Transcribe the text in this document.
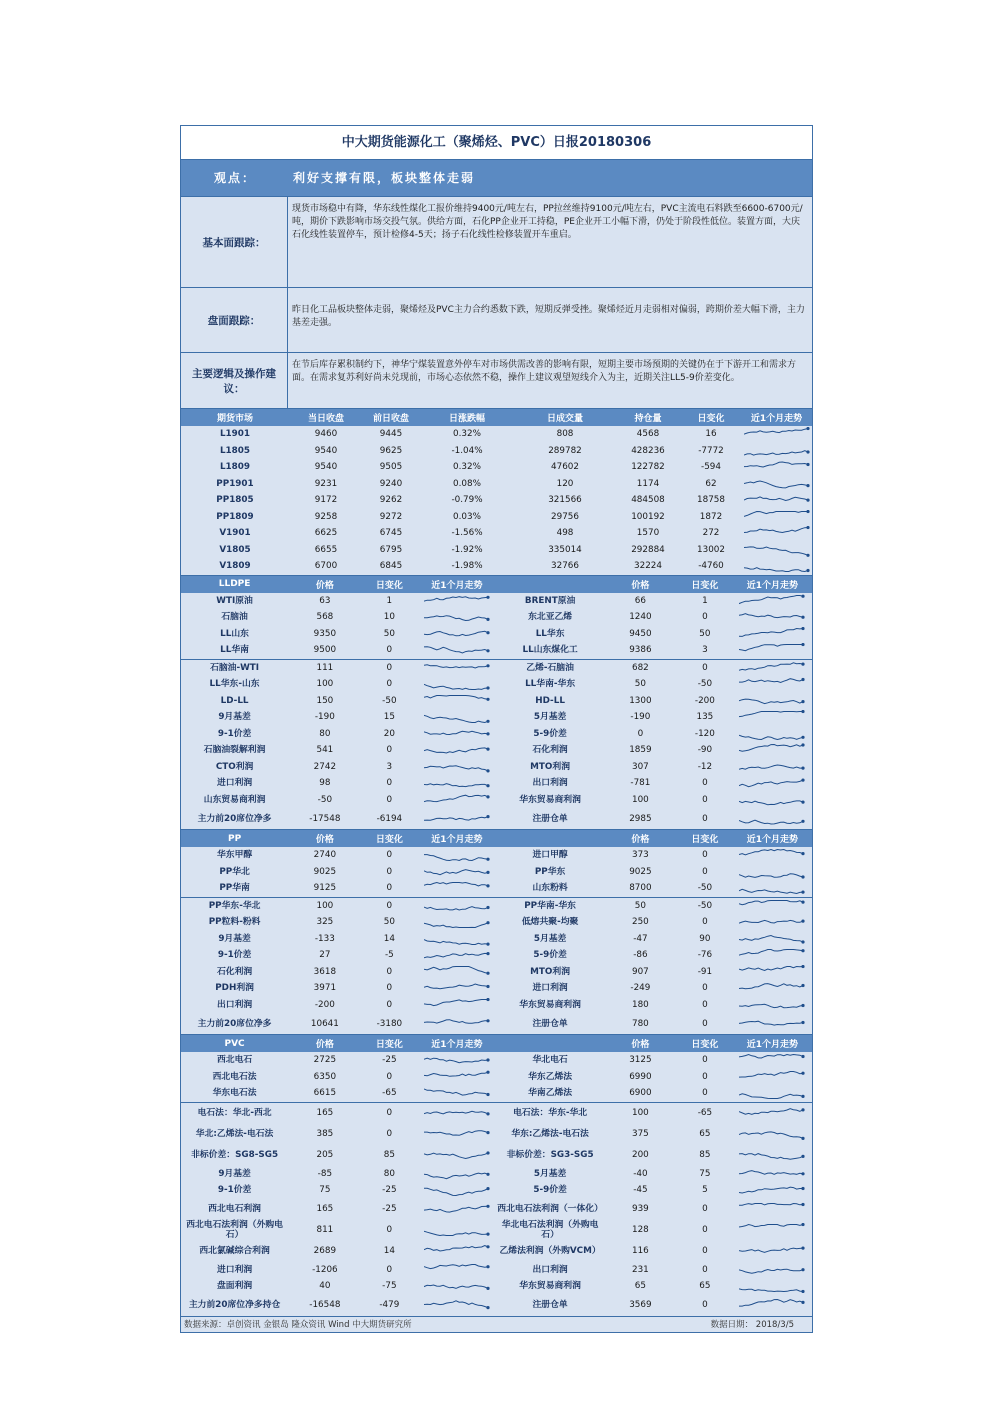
中大期货能源化工（聚烯烃、PVC）日报20180306
观点：	利好支撑有限，板块整体走弱
基本面跟踪：
现货市场稳中有降，华东线性煤化工报价维持9400元/吨左右，PP拉丝维持9100元/吨左右，PVC主流电石料跌至6600-6700元/吨，期价下跌影响市场交投气氛。供给方面，石化PP企业开工持稳，PE企业开工小幅下滑，仍处于阶段性低位。装置方面，大庆石化线性装置停车，预计检修4-5天；扬子石化线性检修装置开车重启。
盘面跟踪：
昨日化工品板块整体走弱，聚烯烃及PVC主力合约悉数下跌，短期反弹受挫。聚烯烃近月走弱相对偏弱，跨期价差大幅下滑，主力基差走强。
主要逻辑及操作建议：
在节后库存累积制约下，神华宁煤装置意外停车对市场供需改善的影响有限，短期主要市场预期的关键仍在于下游开工和需求方面。在需求复苏利好尚未兑现前，市场心态依然不稳，操作上建议观望短线介入为主，近期关注LL5-9价差变化。
期货市场	当日收盘	前日收盘	日涨跌幅	日成交量	持仓量	日变化	近1个月走势
L1901	9460	9445	0.32%	808	4568	16
L1805	9540	9625	-1.04%	289782	428236	-7772
L1809	9540	9505	0.32%	47602	122782	-594
PP1901	9231	9240	0.08%	120	1174	62
PP1805	9172	9262	-0.79%	321566	484508	18758
PP1809	9258	9272	0.03%	29756	100192	1872
V1901	6625	6745	-1.56%	498	1570	272
V1805	6655	6795	-1.92%	335014	292884	13002
V1809	6700	6845	-1.98%	32766	32224	-4760
LLDPE	价格	日变化	近1个月走势	价格	日变化	近1个月走势
WTI原油	63	1	BRENT原油	66	1
石脑油	568	10	东北亚乙烯	1240	0
LL山东	9350	50	LL华东	9450	50
LL华南	9500	0	LL山东煤化工	9386	3
石脑油-WTI	111	0	乙烯-石脑油	682	0
LL华东-山东	100	0	LL华南-华东	50	-50
LD-LL	150	-50	HD-LL	1300	-200
9月基差	-190	15	5月基差	-190	135
9-1价差	80	20	5-9价差	0	-120
石脑油裂解利润	541	0	石化利润	1859	-90
CTO利润	2742	3	MTO利润	307	-12
进口利润	98	0	出口利润	-781	0
山东贸易商利润	-50	0	华东贸易商利润	100	0
主力前20席位净多	-17548	-6194	注册仓单	2985	0
PP	价格	日变化	近1个月走势	价格	日变化	近1个月走势
华东甲醇	2740	0	进口甲醇	373	0
PP华北	9025	0	PP华东	9025	0
PP华南	9125	0	山东粉料	8700	-50
PP华东-华北	100	0	PP华南-华东	50	-50
PP粒料-粉料	325	50	低熔共聚-均聚	250	0
9月基差	-133	14	5月基差	-47	90
9-1价差	27	-5	5-9价差	-86	-76
石化利润	3618	0	MTO利润	907	-91
PDH利润	3971	0	进口利润	-249	0
出口利润	-200	0	华东贸易商利润	180	0
主力前20席位净多	10641	-3180	注册仓单	780	0
PVC	价格	日变化	近1个月走势	价格	日变化	近1个月走势
西北电石	2725	-25	华北电石	3125	0
西北电石法	6350	0	华东乙烯法	6990	0
华东电石法	6615	-65	华南乙烯法	6900	0
电石法：华北-西北	165	0	电石法：华东-华北	100	-65
华北:乙烯法-电石法	385	0	华东:乙烯法-电石法	375	65
非标价差：SG8-SG5	205	85	非标价差：SG3-SG5	200	85
9月基差	-85	80	5月基差	-40	75
9-1价差	75	-25	5-9价差	-45	5
西北电石利润	165	-25	西北电石法利润（一体化）	939	0
西北电石法利润（外购电石）	811	0	华北电石法利润（外购电石）	128	0
西北氯碱综合利润	2689	14	乙烯法利润（外购VCM）	116	0
进口利润	-1206	0	出口利润	231	0
盘面利润	40	-75	华东贸易商利润	65	65
主力前20席位净多持仓	-16548	-479	注册仓单	3569	0
数据来源：卓创资讯 金银岛 隆众资讯 Wind 中大期货研究所	数据日期： 2018/3/5
